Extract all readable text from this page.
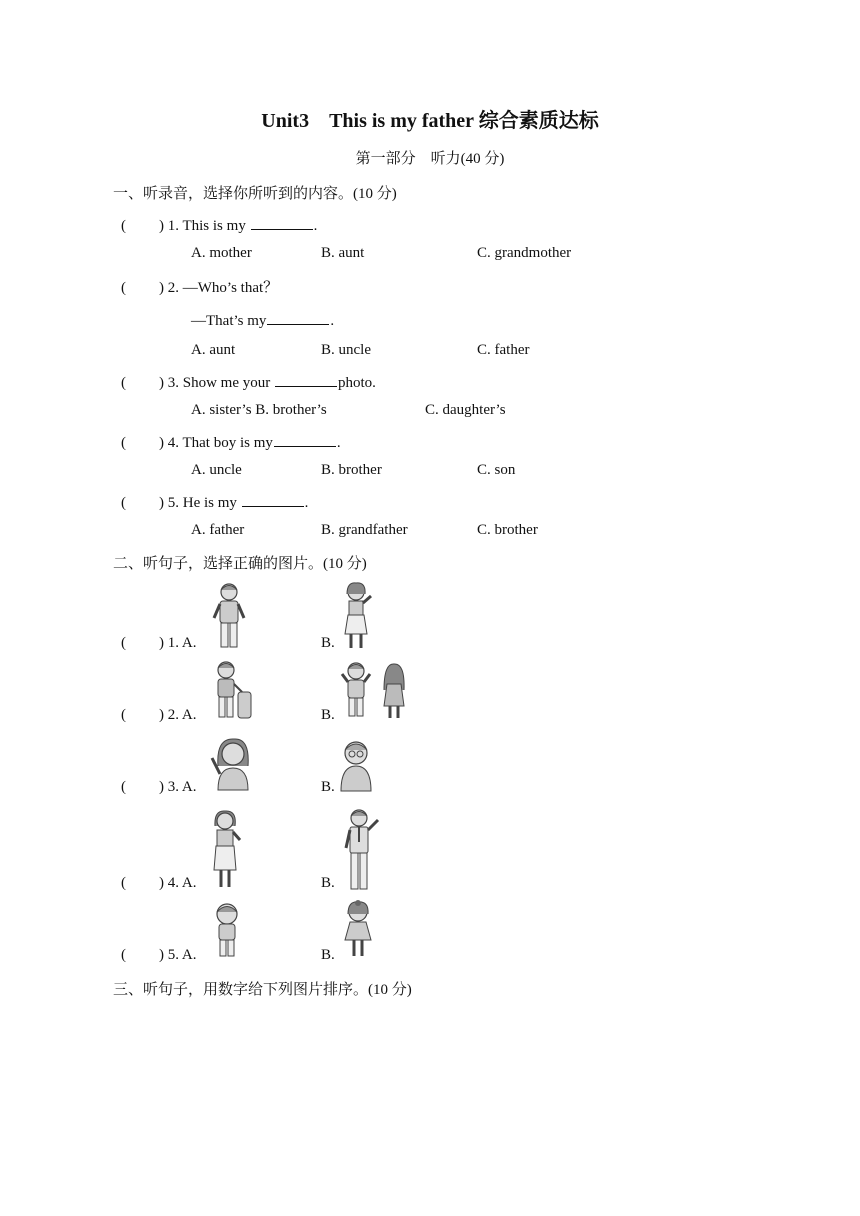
Unit3　This is my father 综合素质达标
第一部分　听力(40 分)
一、听录音，选择你所听到的内容。(10 分)
( ) 1. This is my	.
A. mother	B. aunt	C. grandmother
( ) 2. —Who’s that？
—That’s my	.
A. aunt	B. uncle	C. father
( ) 3. Show me your	photo.
A. sister’s B. brother’s	C. daughter’s
( ) 4. That boy is my	.
A. uncle	B. brother	C. son
( ) 5. He is my	.
A. father	B. grandfather	C. brother
二、听句子，选择正确的图片。(10 分)
( ) 1. A.	B.
( ) 2. A.	B.
( ) 3. A.	B.
( ) 4. A.	B.
( ) 5. A.	B.
三、听句子，用数字给下列图片排序。(10 分)
